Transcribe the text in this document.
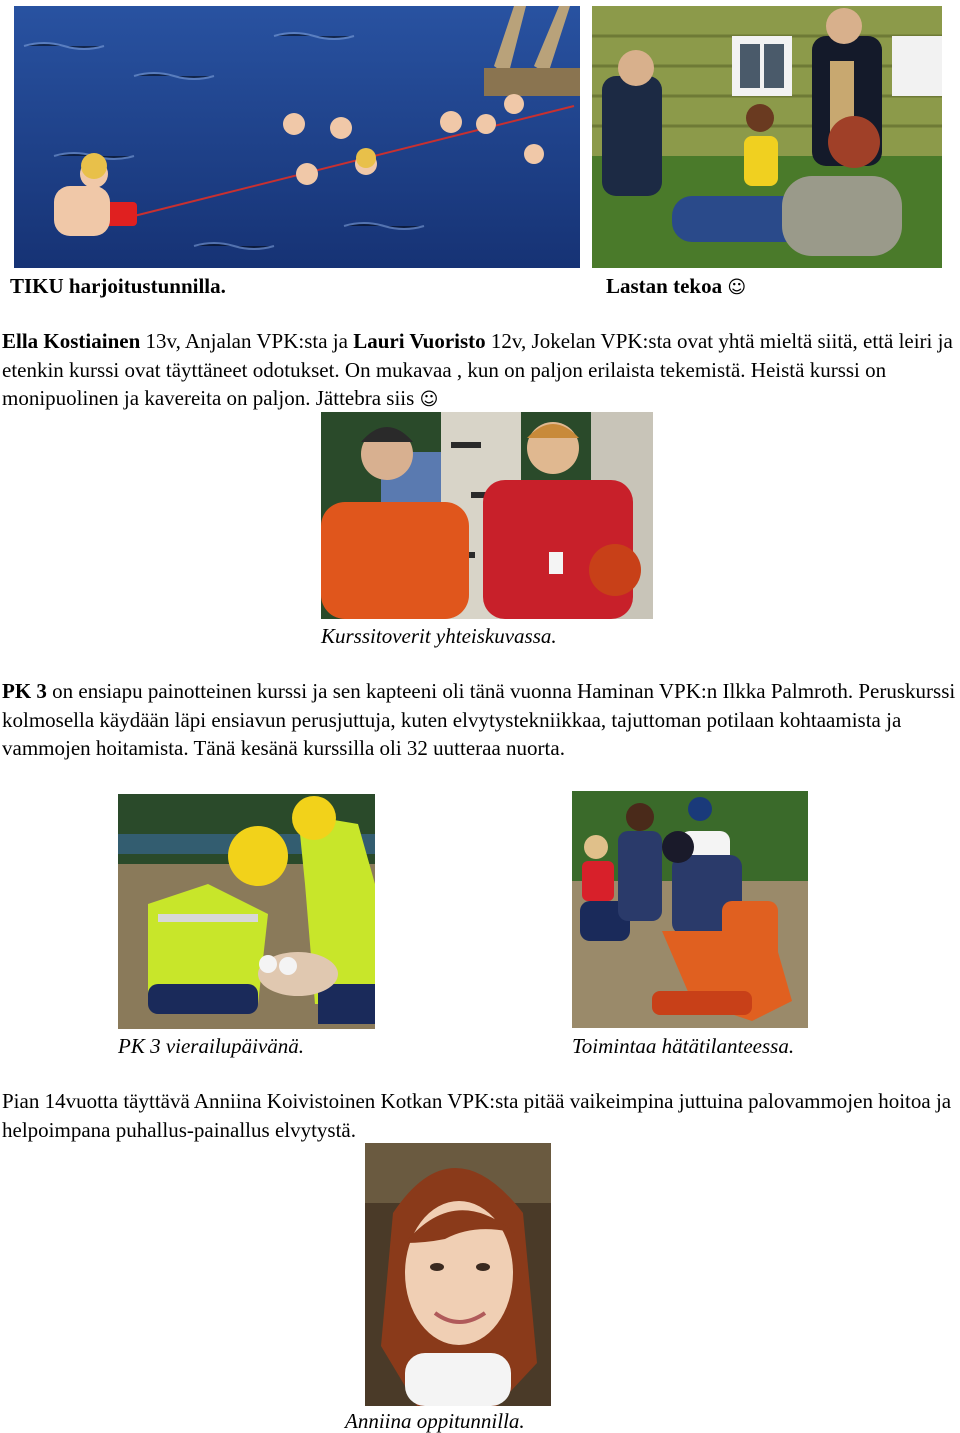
TIKU harjoitustunnilla.	Lastan tekoa ☺
Ella Kostiainen 13v, Anjalan VPK:sta ja Lauri Vuoristo 12v, Jokelan VPK:sta ovat yhtä mieltä siitä, että leiri ja etenkin kurssi ovat täyttäneet odotukset. On mukavaa , kun on paljon erilaista tekemistä. Heistä kurssi on monipuolinen ja kavereita on paljon. Jättebra siis ☺
Kurssitoverit yhteiskuvassa.
PK 3 on ensiapu painotteinen kurssi ja sen kapteeni oli tänä vuonna Haminan VPK:n Ilkka Palmroth. Peruskurssi kolmosella käydään läpi ensiavun perusjuttuja, kuten elvytystekniikkaa, tajuttoman potilaan kohtaamista ja vammojen hoitamista. Tänä kesänä kurssilla oli 32 uutteraa nuorta.
PK 3 vierailupäivänä.	Toimintaa hätätilanteessa.
Pian 14vuotta täyttävä Anniina Koivistoinen Kotkan VPK:sta pitää vaikeimpina juttuina palovammojen hoitoa ja helpoimpana puhallus-painallus elvytystä.
Anniina oppitunnilla.
